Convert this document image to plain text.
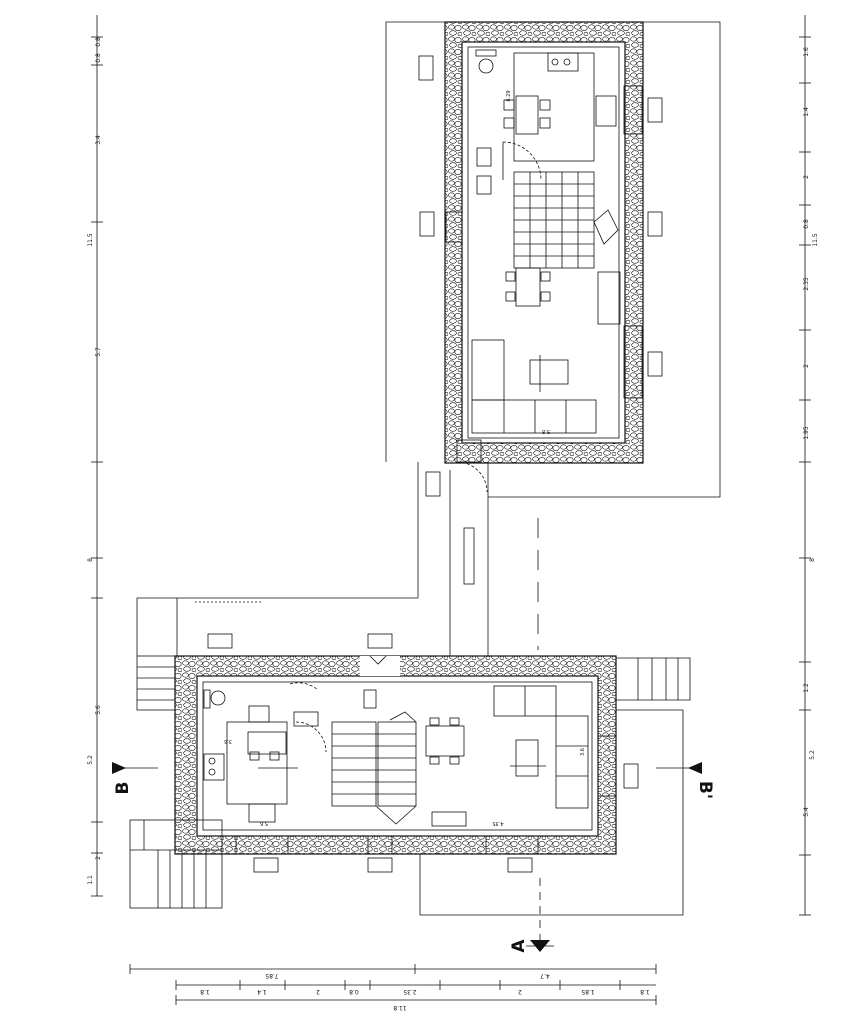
1.1
2
5.2
5.6
8
5.7
11.5
3.4
0.8
0.8
1.6
1.4
2
0.8
11.5
2.35
2
1.95
8
1.2
5.2
5.4
7.85	4.7
1.8	1.4	2	0.8	2.35	2	1.85	1.8
11.8
6.29
3.6
3.6
4.35
5.8
5.6
B	B'
A
